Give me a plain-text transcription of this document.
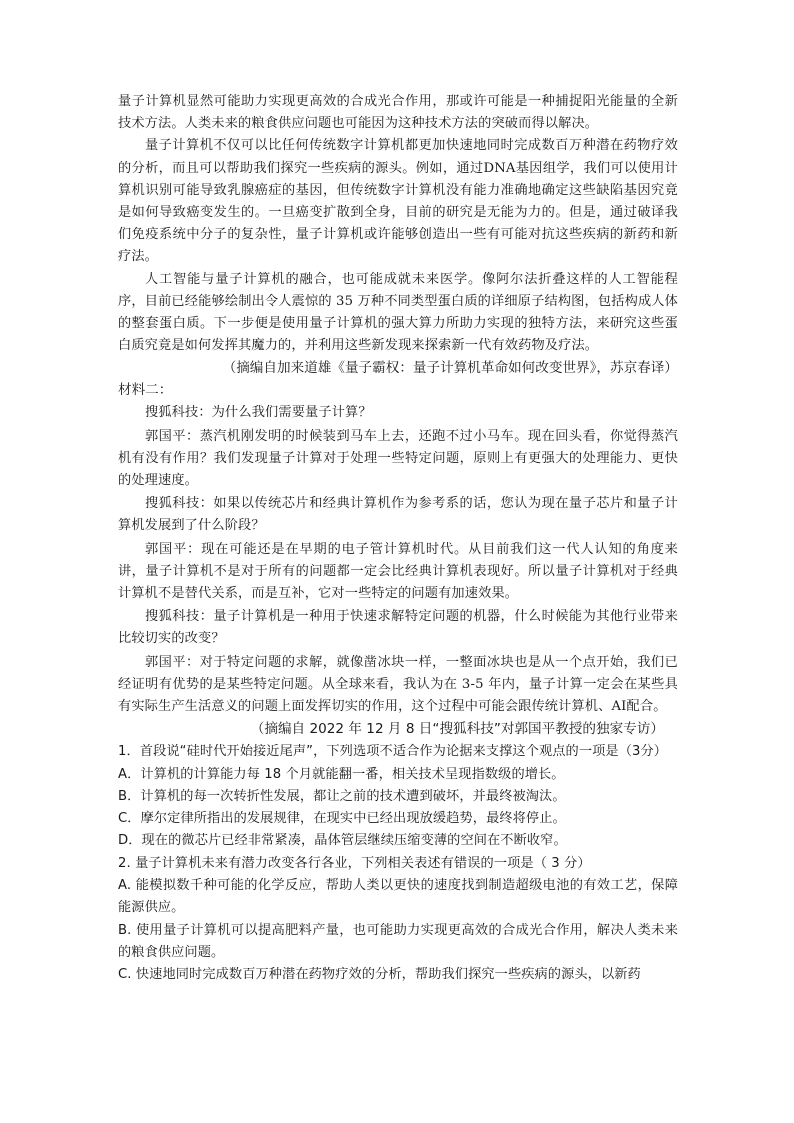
量子计算机显然可能助力实现更高效的合成光合作用，那或许可能是一种捕捉阳光能量的全新技术方法。人类未来的粮食供应问题也可能因为这种技术方法的突破而得以解决。

量子计算机不仅可以比任何传统数字计算机都更加快速地同时完成数百万种潜在药物疗效的分析，而且可以帮助我们探究一些疾病的源头。例如，通过DNA基因组学，我们可以使用计算机识别可能导致乳腺癌症的基因，但传统数字计算机没有能力准确地确定这些缺陷基因究竟是如何导致癌变发生的。一旦癌变扩散到全身，目前的研究是无能为力的。但是，通过破译我们免疫系统中分子的复杂性，量子计算机或许能够创造出一些有可能对抗这些疾病的新药和新疗法。

人工智能与量子计算机的融合，也可能成就未来医学。像阿尔法折叠这样的人工智能程序，目前已经能够绘制出令人震惊的 35 万种不同类型蛋白质的详细原子结构图，包括构成人体的整套蛋白质。下一步便是使用量子计算机的强大算力所助力实现的独特方法，来研究这些蛋白质究竟是如何发挥其魔力的，并利用这些新发现来探索新一代有效药物及疗法。

（摘编自加来道雄《量子霸权：量子计算机革命如何改变世界》，苏京春译）

材料二：

搜狐科技：为什么我们需要量子计算？

郭国平：蒸汽机刚发明的时候装到马车上去，还跑不过小马车。现在回头看，你觉得蒸汽机有没有作用？我们发现量子计算对于处理一些特定问题，原则上有更强大的处理能力、更快的处理速度。

搜狐科技：如果以传统芯片和经典计算机作为参考系的话，您认为现在量子芯片和量子计算机发展到了什么阶段？

郭国平：现在可能还是在早期的电子管计算机时代。从目前我们这一代人认知的角度来讲，量子计算机不是对于所有的问题都一定会比经典计算机表现好。所以量子计算机对于经典计算机不是替代关系，而是互补，它对一些特定的问题有加速效果。

搜狐科技：量子计算机是一种用于快速求解特定问题的机器，什么时候能为其他行业带来比较切实的改变？

郭国平：对于特定问题的求解，就像凿冰块一样，一整面冰块也是从一个点开始，我们已经证明有优势的是某些特定问题。从全球来看，我认为在 3-5 年内，量子计算一定会在某些具有实际生产生活意义的问题上面发挥切实的作用，这个过程中可能会跟传统计算机、AI配合。

（摘编自 2022 年 12 月 8 日“搜狐科技”对郭国平教授的独家专访）

1．首段说“硅时代开始接近尾声”，下列选项不适合作为论据来支撑这个观点的一项是（3分）

A．计算机的计算能力每 18 个月就能翻一番，相关技术呈现指数级的增长。

B．计算机的每一次转折性发展，都让之前的技术遭到破坏，并最终被淘汰。

C．摩尔定律所指出的发展规律，在现实中已经出现放缓趋势，最终将停止。

D．现在的微芯片已经非常紧凑，晶体管层继续压缩变薄的空间在不断收窄。

2. 量子计算机未来有潜力改变各行各业，下列相关表述有错误的一项是（ 3 分）

A. 能模拟数千种可能的化学反应，帮助人类以更快的速度找到制造超级电池的有效工艺，保障能源供应。

B. 使用量子计算机可以提高肥料产量，也可能助力实现更高效的合成光合作用，解决人类未来的粮食供应问题。

C. 快速地同时完成数百万种潜在药物疗效的分析，帮助我们探究一些疾病的源头，以新药
